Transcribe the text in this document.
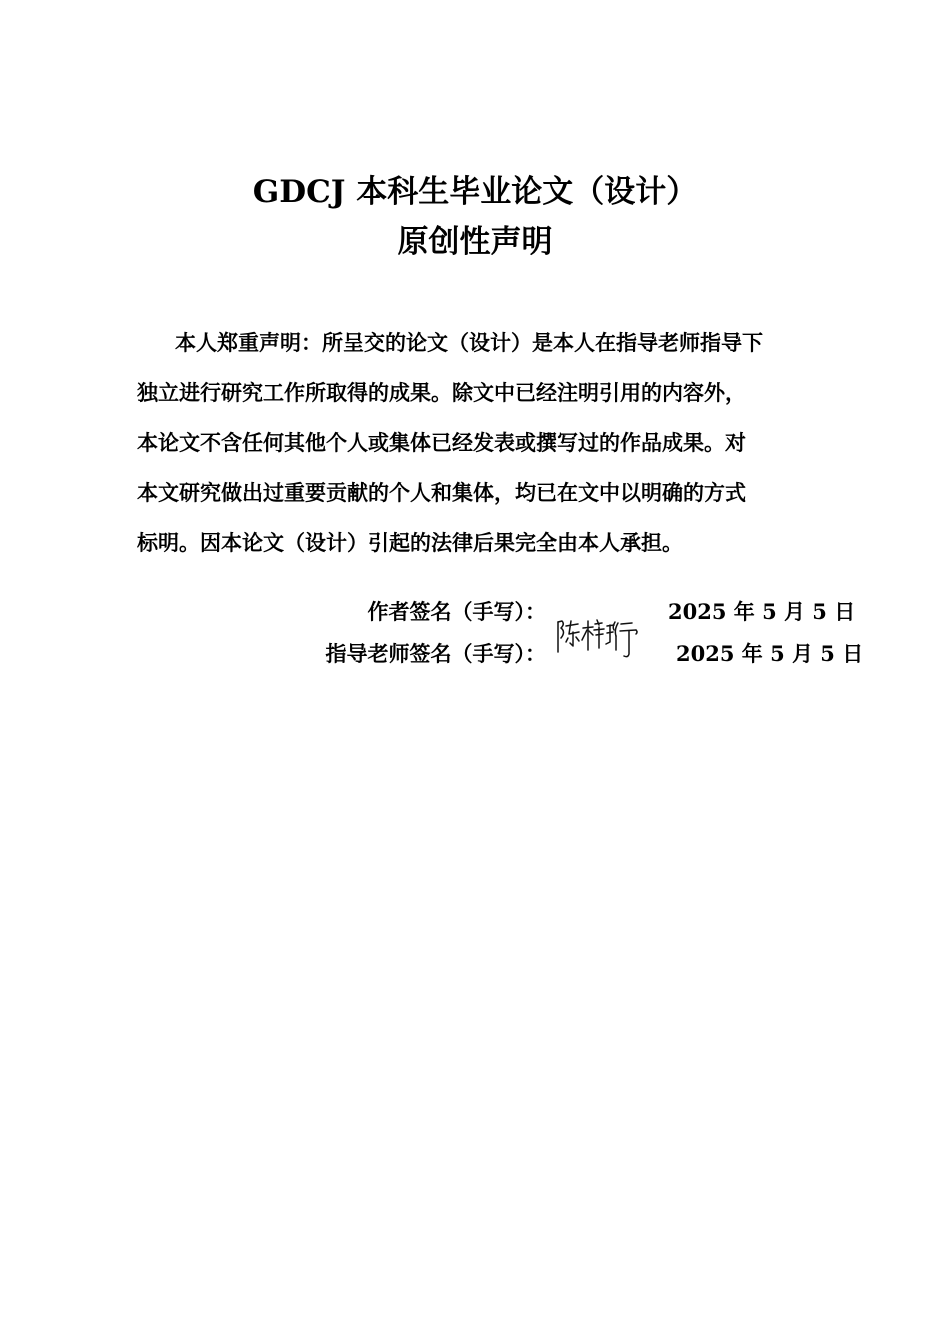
GDCJ 本科生毕业论文（设计）
原创性声明

本人郑重声明：所呈交的论文（设计）是本人在指导老师指导下
独立进行研究工作所取得的成果。除文中已经注明引用的内容外，
本论文不含任何其他个人或集体已经发表或撰写过的作品成果。对
本文研究做出过重要贡献的个人和集体，均已在文中以明确的方式
标明。因本论文（设计）引起的法律后果完全由本人承担。

作者签名（手写）：	2025 年 5 月 5 日
指导老师签名（手写）：	2025 年 5 月 5 日
